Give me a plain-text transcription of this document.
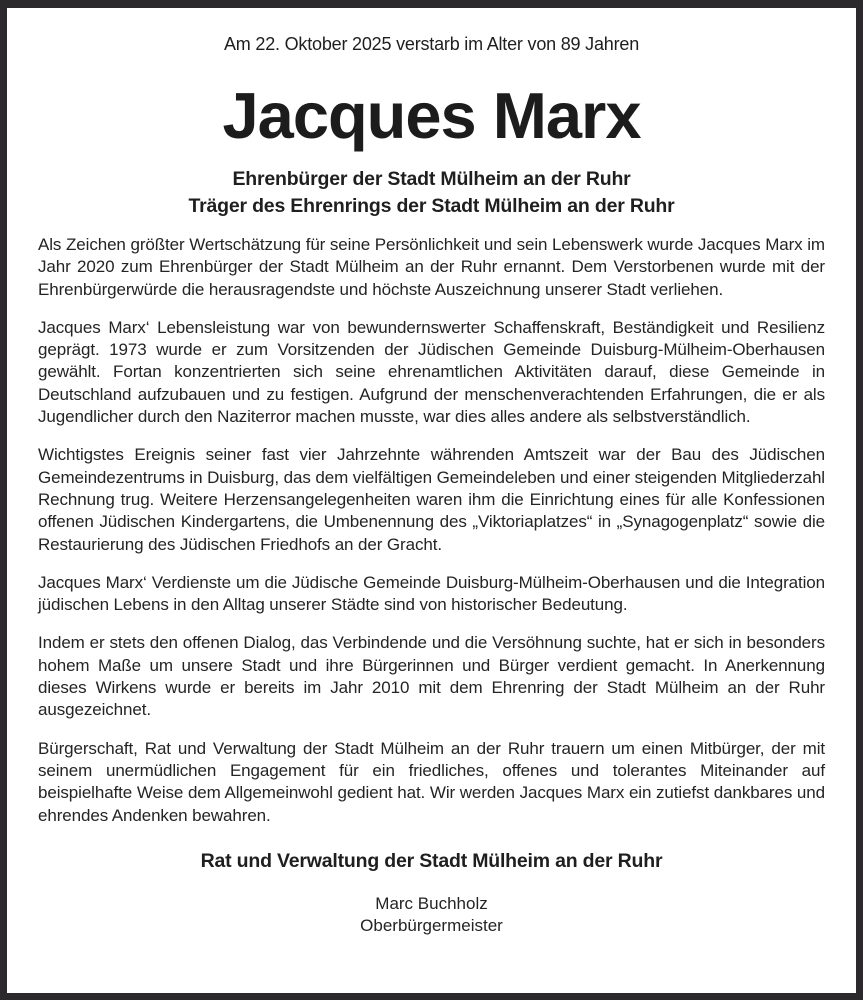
Am 22. Oktober 2025 verstarb im Alter von 89 Jahren
Jacques Marx
Ehrenbürger der Stadt Mülheim an der Ruhr
Träger des Ehrenrings der Stadt Mülheim an der Ruhr

Als Zeichen größter Wertschätzung für seine Persönlichkeit und sein Lebenswerk wurde Jacques Marx im Jahr 2020 zum Ehrenbürger der Stadt Mülheim an der Ruhr ernannt. Dem Verstorbenen wurde mit der Ehrenbürgerwürde die herausragendste und höchste Auszeichnung unserer Stadt verliehen.

Jacques Marx‘ Lebensleistung war von bewundernswerter Schaffenskraft, Beständigkeit und Resilienz geprägt. 1973 wurde er zum Vorsitzenden der Jüdischen Gemeinde Duisburg-Mülheim-Oberhausen gewählt. Fortan konzentrierten sich seine ehrenamtlichen Aktivitäten darauf, diese Gemeinde in Deutschland aufzubauen und zu festigen. Aufgrund der menschenverachtenden Erfahrungen, die er als Jugendlicher durch den Naziterror machen musste, war dies alles andere als selbstverständlich.

Wichtigstes Ereignis seiner fast vier Jahrzehnte währenden Amtszeit war der Bau des Jüdischen Gemeindezentrums in Duisburg, das dem vielfältigen Gemeindeleben und einer steigenden Mitgliederzahl Rechnung trug. Weitere Herzensangelegenheiten waren ihm die Einrichtung eines für alle Konfessionen offenen Jüdischen Kindergartens, die Umbenennung des „Viktoriaplatzes“ in „Synagogenplatz“ sowie die Restaurierung des Jüdischen Friedhofs an der Gracht.

Jacques Marx‘ Verdienste um die Jüdische Gemeinde Duisburg-Mülheim-Oberhausen und die Integration jüdischen Lebens in den Alltag unserer Städte sind von historischer Bedeutung.

Indem er stets den offenen Dialog, das Verbindende und die Versöhnung suchte, hat er sich in besonders hohem Maße um unsere Stadt und ihre Bürgerinnen und Bürger verdient gemacht. In Anerkennung dieses Wirkens wurde er bereits im Jahr 2010 mit dem Ehrenring der Stadt Mülheim an der Ruhr ausgezeichnet.

Bürgerschaft, Rat und Verwaltung der Stadt Mülheim an der Ruhr trauern um einen Mitbürger, der mit seinem unermüdlichen Engagement für ein friedliches, offenes und tolerantes Miteinander auf beispielhafte Weise dem Allgemeinwohl gedient hat. Wir werden Jacques Marx ein zutiefst dankbares und ehrendes Andenken bewahren.

Rat und Verwaltung der Stadt Mülheim an der Ruhr
Marc Buchholz
Oberbürgermeister
